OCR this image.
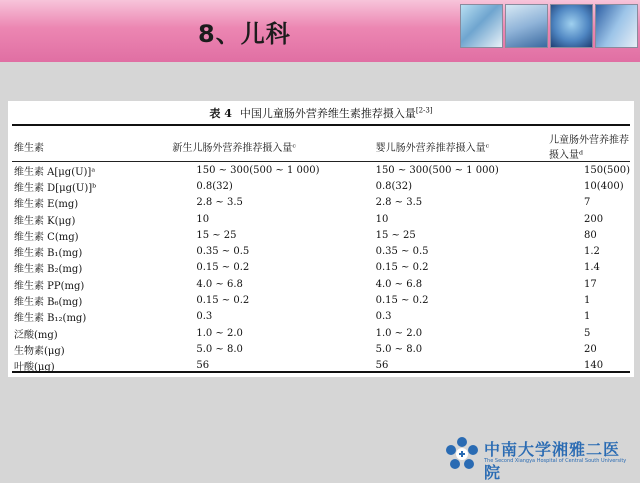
8、儿科
表 4 中国儿童肠外营养维生素推荐摄入量[2-3]
维生素	新生儿肠外营养推荐摄入量ᶜ	婴儿肠外营养推荐摄入量ᶜ	儿童肠外营养推荐摄入量ᵈ
维生素 A[μg(U)]ᵃ	150 ~ 300(500 ~ 1 000)	150 ~ 300(500 ~ 1 000)	150(500)
维生素 D[μg(U)]ᵇ	0.8(32)	0.8(32)	10(400)
维生素 E(mg)	2.8 ~ 3.5	2.8 ~ 3.5	7
维生素 K(μg)	10	10	200
维生素 C(mg)	15 ~ 25	15 ~ 25	80
维生素 B₁(mg)	0.35 ~ 0.5	0.35 ~ 0.5	1.2
维生素 B₂(mg)	0.15 ~ 0.2	0.15 ~ 0.2	1.4
维生素 PP(mg)	4.0 ~ 6.8	4.0 ~ 6.8	17
维生素 B₆(mg)	0.15 ~ 0.2	0.15 ~ 0.2	1
维生素 B₁₂(mg)	0.3	0.3	1
泛酸(mg)	1.0 ~ 2.0	1.0 ~ 2.0	5
生物素(μg)	5.0 ~ 8.0	5.0 ~ 8.0	20
叶酸(μg)	56	56	140
中南大学湘雅二医院
The Second Xiangya Hospital of Central South University
